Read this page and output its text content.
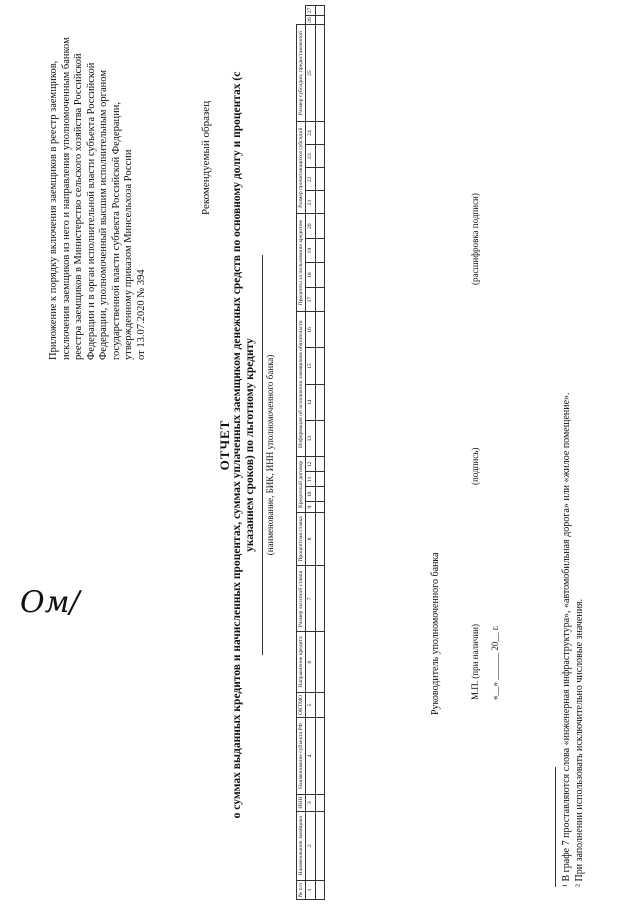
Приложение к порядку включения заемщиков в реестр заемщиков, исключения заемщиков из него и направления уполномоченным банком реестра заемщиков в Министерство сельского хозяйства Российской Федерации и в орган исполнительной власти субъекта Российской Федерации, уполномоченный высшим исполнительным органом государственной власти субъекта Российской Федерации, утвержденному приказом Минсельхоза России от 13.07.2020 № 394
Рекомендуемый образец
ОТЧЕТ о суммах выданных кредитов и начисленных процентах, суммах уплаченных заемщиком денежных средств по основному долгу и процентах (с указанием сроков) по льготному кредиту	(наименование, БИК, ИНН уполномоченного банка)
№ п/п	Наименование заемщика	ИНН	Наименование субъекта РФ	ОКТМО	Направление кредита	Размер льготной ставки	Процентная ставка	Кредитный договор				Информация об исполнении заемщиком обязательств				Проценты за пользование кредитом				Размер причитающихся субсидий				Размер субсидии, предоставленной		
1	2	3	4	5	6	7	8	9	10	11	12	13	14	15	16	17	18	19	20	21	22	23	24	25	26	27

Руководитель уполномоченного банка	М.П. (при наличии) «__» ______ 20__ г.
(подпись)
(расшифровка подписи)
¹ В графе 7 проставляются слова «инженерная инфраструктура», «автомобильная дорога» или «жилое помещение». ² При заполнении использовать исключительно числовые значения.
Ом/
